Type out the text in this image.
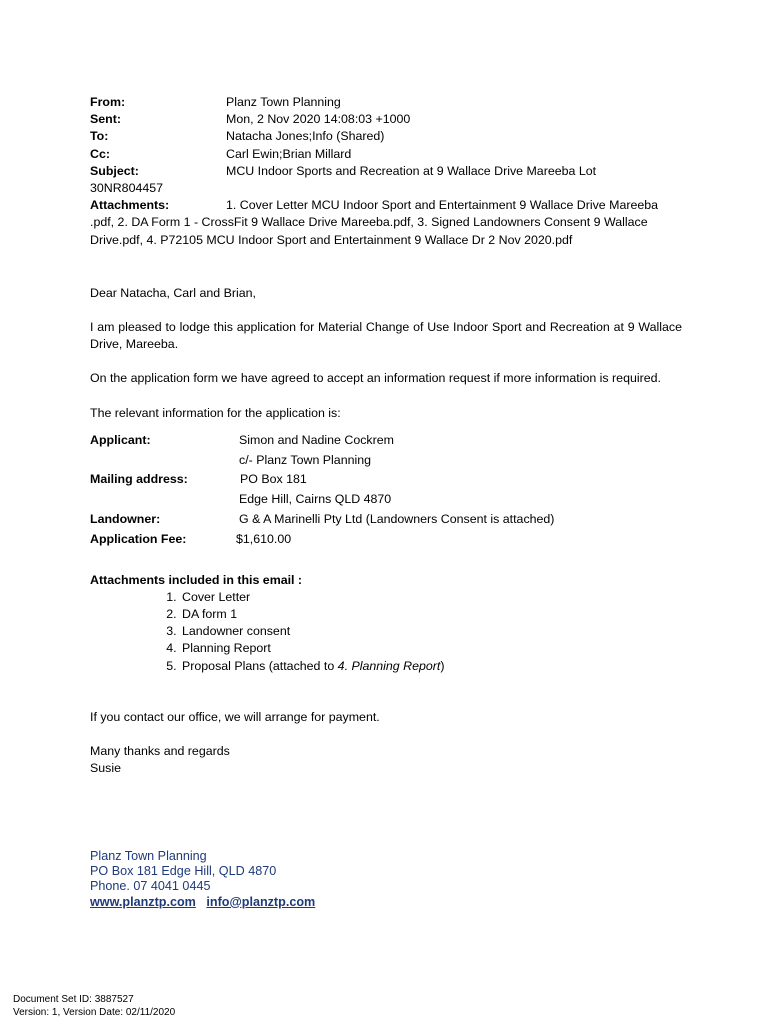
From:	Planz Town Planning
Sent:	Mon, 2 Nov 2020 14:08:03 +1000
To:	Natacha Jones;Info (Shared)
Cc:	Carl Ewin;Brian Millard
Subject:	MCU Indoor Sports and Recreation at 9 Wallace Drive Mareeba Lot
30NR804457
Attachments:	1. Cover Letter MCU Indoor Sport and Entertainment 9 Wallace Drive Mareeba
.pdf, 2. DA Form 1 - CrossFit 9 Wallace Drive Mareeba.pdf, 3. Signed Landowners Consent 9 Wallace
Drive.pdf, 4. P72105 MCU Indoor Sport and Entertainment 9 Wallace Dr 2 Nov 2020.pdf

Dear Natacha, Carl and Brian,

I am pleased to lodge this application for Material Change of Use Indoor Sport and Recreation at 9 Wallace Drive, Mareeba.

On the application form we have agreed to accept an information request if more information is required.

The relevant information for the application is:

Applicant:	Simon and Nadine Cockrem
c/- Planz Town Planning
Mailing address:	PO Box 181
Edge Hill, Cairns QLD 4870
Landowner:	G & A Marinelli Pty Ltd (Landowners Consent is attached)
Application Fee:	$1,610.00
Attachments included in this email :
1. Cover Letter
2. DA form 1
3. Landowner consent
4. Planning Report
5. Proposal Plans (attached to 4. Planning Report)

If you contact our office, we will arrange for payment.

Many thanks and regards

Susie

Planz Town Planning
PO Box 181 Edge Hill, QLD 4870
Phone. 07 4041 0445
www.planztp.com info@planztp.com
Document Set ID: 3887527
Version: 1, Version Date: 02/11/2020
